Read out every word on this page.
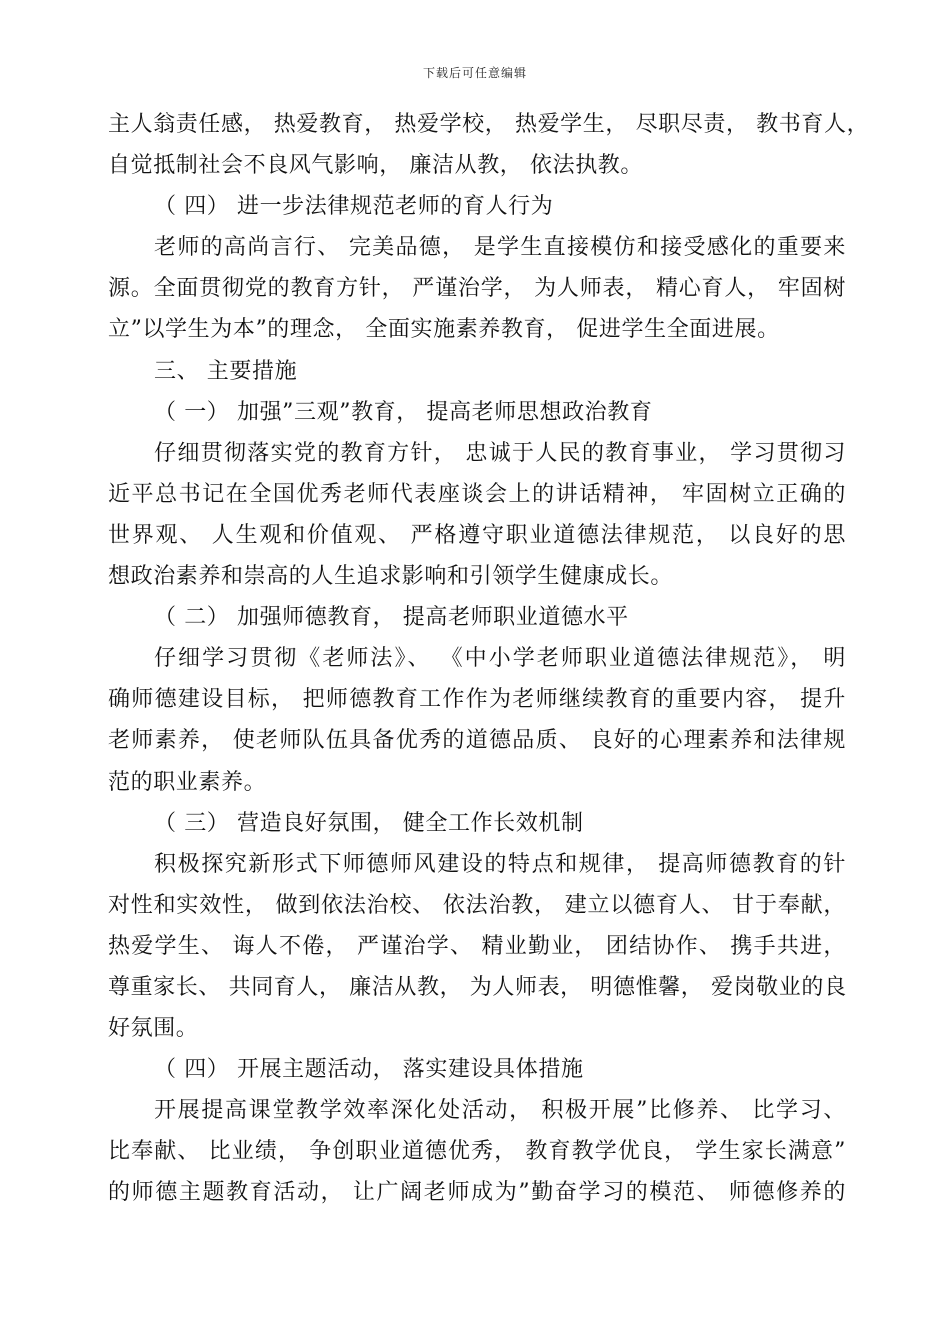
下载后可任意编辑
主人翁责任感， 热爱教育， 热爱学校， 热爱学生， 尽职尽责， 教书育人，
自觉抵制社会不良风气影响， 廉洁从教， 依法执教。
（ 四） 进一步法律规范老师的育人行为
老师的高尚言行、 完美品德， 是学生直接模仿和接受感化的重要来
源。全面贯彻党的教育方针， 严谨治学， 为人师表， 精心育人， 牢固树
立”以学生为本”的理念， 全面实施素养教育， 促进学生全面进展。
三、 主要措施
（ 一） 加强”三观”教育， 提高老师思想政治教育
仔细贯彻落实党的教育方针， 忠诚于人民的教育事业， 学习贯彻习
近平总书记在全国优秀老师代表座谈会上的讲话精神， 牢固树立正确的
世界观、 人生观和价值观、 严格遵守职业道德法律规范， 以良好的思
想政治素养和崇高的人生追求影响和引领学生健康成长。
（ 二） 加强师德教育， 提高老师职业道德水平
仔细学习贯彻《老师法》、 《中小学老师职业道德法律规范》， 明
确师德建设目标， 把师德教育工作作为老师继续教育的重要内容， 提升
老师素养， 使老师队伍具备优秀的道德品质、 良好的心理素养和法律规
范的职业素养。
（ 三） 营造良好氛围， 健全工作长效机制
积极探究新形式下师德师风建设的特点和规律， 提高师德教育的针
对性和实效性， 做到依法治校、 依法治教， 建立以德育人、 甘于奉献，
热爱学生、 诲人不倦， 严谨治学、 精业勤业， 团结协作、 携手共进，
尊重家长、 共同育人， 廉洁从教， 为人师表， 明德惟馨， 爱岗敬业的良
好氛围。
（ 四） 开展主题活动， 落实建设具体措施
开展提高课堂教学效率深化处活动， 积极开展”比修养、 比学习、
比奉献、 比业绩， 争创职业道德优秀， 教育教学优良， 学生家长满意”
的师德主题教育活动， 让广阔老师成为”勤奋学习的模范、 师德修养的
